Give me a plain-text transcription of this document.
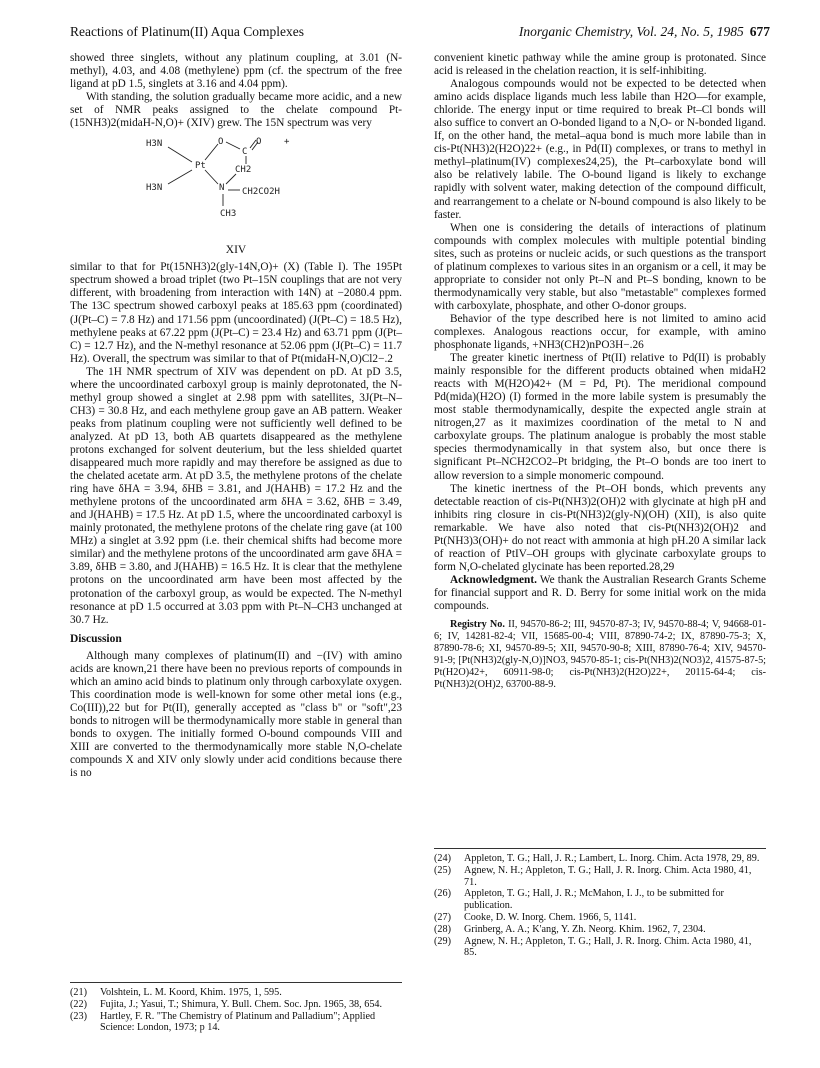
Reactions of Platinum(II) Aqua Complexes	Inorganic Chemistry, Vol. 24, No. 5, 1985 677

showed three singlets, without any platinum coupling, at 3.01 (N-methyl), 4.03, and 4.08 (methylene) ppm (cf. the spectrum of the free ligand at pD 1.5, singlets at 3.16 and 4.04 ppm).

With standing, the solution gradually became more acidic, and a new set of NMR peaks assigned to the chelate compound Pt-(15NH3)2(midaH-N,O)+ (XIV) grew. The 15N spectrum was very

H3N
H3N
Pt
O
C
O	+
N
CH2
CH2CO2H
CH3
XIV

similar to that for Pt(15NH3)2(gly-14N,O)+ (X) (Table I). The 195Pt spectrum showed a broad triplet (two Pt–15N couplings that are not very different, with broadening from interaction with 14N) at −2080.4 ppm. The 13C spectrum showed carboxyl peaks at 185.63 ppm (coordinated) (J(Pt–C) = 7.8 Hz) and 171.56 ppm (uncoordinated) (J(Pt–C) = 18.5 Hz), methylene peaks at 67.22 ppm (J(Pt–C) = 23.4 Hz) and 63.71 ppm (J(Pt–C) = 12.7 Hz), and the N-methyl resonance at 52.06 ppm (J(Pt–C) = 11.7 Hz). Overall, the spectrum was similar to that of Pt(midaH-N,O)Cl2−.2

The 1H NMR spectrum of XIV was dependent on pD. At pD 3.5, where the uncoordinated carboxyl group is mainly deprotonated, the N-methyl group showed a singlet at 2.98 ppm with satellites, 3J(Pt–N–CH3) = 30.8 Hz, and each methylene group gave an AB pattern. Weaker peaks from platinum coupling were not sufficiently well defined to be analyzed. At pD 13, both AB quartets disappeared as the methylene protons exchanged for solvent deuterium, but the less shielded quartet disappeared much more rapidly and may therefore be assigned as due to the chelated acetate arm. At pD 3.5, the methylene protons of the chelate ring have δHA = 3.94, δHB = 3.81, and J(HAHB) = 17.2 Hz and the methylene protons of the uncoordinated arm δHA = 3.62, δHB = 3.49, and J(HAHB) = 17.5 Hz. At pD 1.5, where the uncoordinated carboxyl is mainly protonated, the methylene protons of the chelate ring gave (at 100 MHz) a singlet at 3.92 ppm (i.e. their chemical shifts had become more similar) and the methylene protons of the uncoordinated arm gave δHA = 3.89, δHB = 3.80, and J(HAHB) = 16.5 Hz. It is clear that the methylene protons on the uncoordinated arm have been most affected by the protonation of the carboxyl group, as would be expected. The N-methyl resonance at pD 1.5 occurred at 3.03 ppm with Pt–N–CH3 unchanged at 30.7 Hz.

Discussion

Although many complexes of platinum(II) and −(IV) with amino acids are known,21 there have been no previous reports of compounds in which an amino acid binds to platinum only through carboxylate oxygen. This coordination mode is well-known for some other metal ions (e.g., Co(III)),22 but for Pt(II), generally accepted as "class b" or "soft",23 bonds to nitrogen will be thermodynamically more stable in general than bonds to oxygen. The initially formed O-bound compounds VIII and XIII are converted to the thermodynamically more stable N,O-chelate compounds X and XIV only slowly under acid conditions because there is no

convenient kinetic pathway while the amine group is protonated. Since acid is released in the chelation reaction, it is self-inhibiting.

Analogous compounds would not be expected to be detected when amino acids displace ligands much less labile than H2O—for example, chloride. The energy input or time required to break Pt–Cl bonds will also suffice to convert an O-bonded ligand to a N,O- or N-bonded ligand. If, on the other hand, the metal–aqua bond is much more labile than in cis-Pt(NH3)2(H2O)22+ (e.g., in Pd(II) complexes, or trans to methyl in methyl–platinum(IV) complexes24,25), the Pt–carboxylate bond will also be relatively labile. The O-bound ligand is likely to exchange rapidly with solvent water, making detection of the compound difficult, and rearrangement to a chelate or N-bound compound is also likely to be faster.

When one is considering the details of interactions of platinum compounds with complex molecules with multiple potential binding sites, such as proteins or nucleic acids, or such questions as the transport of platinum complexes to various sites in an organism or a cell, it may be appropriate to consider not only Pt–N and Pt–S bonding, known to be thermodynamically very stable, but also "metastable" complexes formed with carboxylate, phosphate, and other O-donor groups.

Behavior of the type described here is not limited to amino acid complexes. Analogous reactions occur, for example, with amino phosphonate ligands, +NH3(CH2)nPO3H−.26

The greater kinetic inertness of Pt(II) relative to Pd(II) is probably mainly responsible for the different products obtained when midaH2 reacts with M(H2O)42+ (M = Pd, Pt). The meridional compound Pd(mida)(H2O) (I) formed in the more labile system is presumably the most stable thermodynamically, despite the expected angle strain at nitrogen,27 as it maximizes coordination of the metal to N and carboxylate groups. The platinum analogue is probably the most stable species thermodynamically in that system also, but once there is significant Pt–NCH2CO2–Pt bridging, the Pt–O bonds are too inert to allow reversion to a simple monomeric compound.

The kinetic inertness of the Pt–OH bonds, which prevents any detectable reaction of cis-Pt(NH3)2(OH)2 with glycinate at high pH and inhibits ring closure in cis-Pt(NH3)2(gly-N)(OH) (XII), is also quite remarkable. We have also noted that cis-Pt(NH3)2(OH)2 and Pt(NH3)3(OH)+ do not react with ammonia at high pH.20 A similar lack of reaction of PtIV–OH groups with glycinate carboxylate groups to form N,O-chelated glycinate has been reported.28,29

Acknowledgment. We thank the Australian Research Grants Scheme for financial support and R. D. Berry for some initial work on the mida compounds.

Registry No. II, 94570-86-2; III, 94570-87-3; IV, 94570-88-4; V, 94668-01-6; IV, 14281-82-4; VII, 15685-00-4; VIII, 87890-74-2; IX, 87890-75-3; X, 87890-78-6; XI, 94570-89-5; XII, 94570-90-8; XIII, 87890-76-4; XIV, 94570-91-9; [Pt(NH3)2(gly-N,O)]NO3, 94570-85-1; cis-Pt(NH3)2(NO3)2, 41575-87-5; Pt(H2O)42+, 60911-98-0; cis-Pt(NH3)2(H2O)22+, 20115-64-4; cis-Pt(NH3)2(OH)2, 63700-88-9.

(21)	Volshtein, L. M. Koord, Khim. 1975, 1, 595.
(22)	Fujita, J.; Yasui, T.; Shimura, Y. Bull. Chem. Soc. Jpn. 1965, 38, 654.
(23)	Hartley, F. R. "The Chemistry of Platinum and Palladium"; Applied Science: London, 1973; p 14.
(24)	Appleton, T. G.; Hall, J. R.; Lambert, L. Inorg. Chim. Acta 1978, 29, 89.
(25)	Agnew, N. H.; Appleton, T. G.; Hall, J. R. Inorg. Chim. Acta 1980, 41, 71.
(26)	Appleton, T. G.; Hall, J. R.; McMahon, I. J., to be submitted for publication.
(27)	Cooke, D. W. Inorg. Chem. 1966, 5, 1141.
(28)	Grinberg, A. A.; K'ang, Y. Zh. Neorg. Khim. 1962, 7, 2304.
(29)	Agnew, N. H.; Appleton, T. G.; Hall, J. R. Inorg. Chim. Acta 1980, 41, 85.
